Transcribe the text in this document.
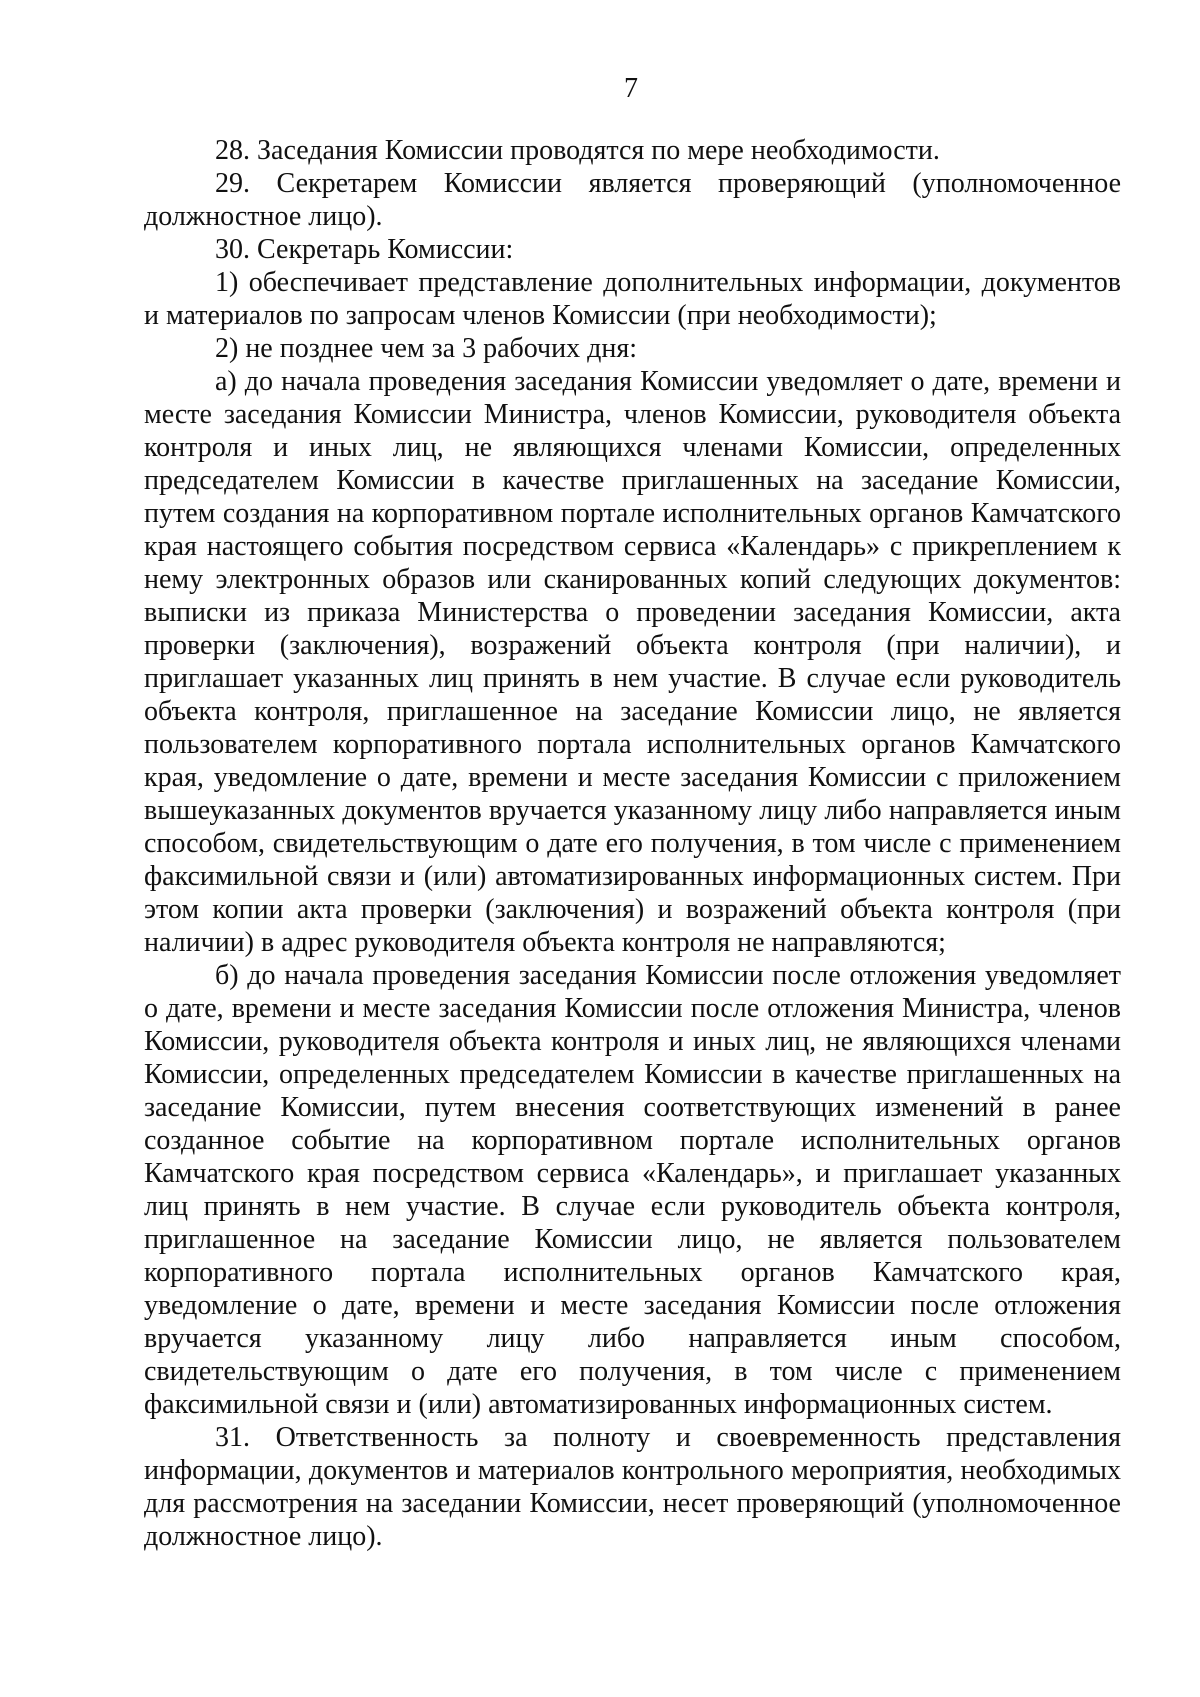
7

28. Заседания Комиссии проводятся по мере необходимости.

29. Секретарем Комиссии является проверяющий (уполномоченное должностное лицо).

30. Секретарь Комиссии:

1) обеспечивает представление дополнительных информации, документов и материалов по запросам членов Комиссии (при необходимости);

2) не позднее чем за 3 рабочих дня:

а) до начала проведения заседания Комиссии уведомляет о дате, времени и месте заседания Комиссии Министра, членов Комиссии, руководителя объекта контроля и иных лиц, не являющихся членами Комиссии, определенных председателем Комиссии в качестве приглашенных на заседание Комиссии, путем создания на корпоративном портале исполнительных органов Камчатского края настоящего события посредством сервиса «Календарь» с прикреплением к нему электронных образов или сканированных копий следующих документов: выписки из приказа Министерства о проведении заседания Комиссии, акта проверки (заключения), возражений объекта контроля (при наличии), и приглашает указанных лиц принять в нем участие. В случае если руководитель объекта контроля, приглашенное на заседание Комиссии лицо, не является пользователем корпоративного портала исполнительных органов Камчатского края, уведомление о дате, времени и месте заседания Комиссии с приложением вышеуказанных документов вручается указанному лицу либо направляется иным способом, свидетельствующим о дате его получения, в том числе с применением факсимильной связи и (или) автоматизированных информационных систем. При этом копии акта проверки (заключения) и возражений объекта контроля (при наличии) в адрес руководителя объекта контроля не направляются;

б) до начала проведения заседания Комиссии после отложения уведомляет о дате, времени и месте заседания Комиссии после отложения Министра, членов Комиссии, руководителя объекта контроля и иных лиц, не являющихся членами Комиссии, определенных председателем Комиссии в качестве приглашенных на заседание Комиссии, путем внесения соответствующих изменений в ранее созданное событие на корпоративном портале исполнительных органов Камчатского края посредством сервиса «Календарь», и приглашает указанных лиц принять в нем участие. В случае если руководитель объекта контроля, приглашенное на заседание Комиссии лицо, не является пользователем корпоративного портала исполнительных органов Камчатского края, уведомление о дате, времени и месте заседания Комиссии после отложения вручается указанному лицу либо направляется иным способом, свидетельствующим о дате его получения, в том числе с применением факсимильной связи и (или) автоматизированных информационных систем.

31. Ответственность за полноту и своевременность представления информации, документов и материалов контрольного мероприятия, необходимых для рассмотрения на заседании Комиссии, несет проверяющий (уполномоченное должностное лицо).
